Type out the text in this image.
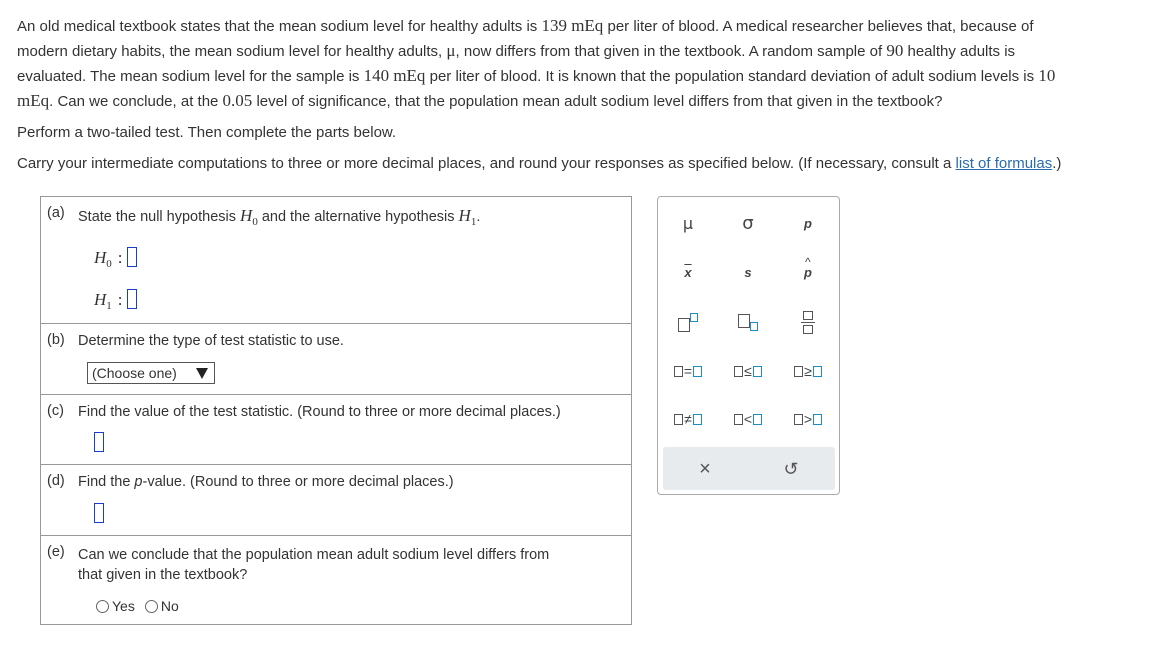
An old medical textbook states that the mean sodium level for healthy adults is 139 mEq per liter of blood. A medical researcher believes that, because of
modern dietary habits, the mean sodium level for healthy adults, μ, now differs from that given in the textbook. A random sample of 90 healthy adults is
evaluated. The mean sodium level for the sample is 140 mEq per liter of blood. It is known that the population standard deviation of adult sodium levels is 10
mEq. Can we conclude, at the 0.05 level of significance, that the population mean adult sodium level differs from that given in the textbook?
Perform a two-tailed test. Then complete the parts below.
Carry your intermediate computations to three or more decimal places, and round your responses as specified below. (If necessary, consult a list of formulas.)
(a) State the null hypothesis $H_0$ and the alternative hypothesis $H_1$.
$H_0$ :
$H_1$ :
(b) Determine the type of test statistic to use.
(Choose one)
(c) Find the value of the test statistic. (Round to three or more decimal places.)
(d) Find the p-value. (Round to three or more decimal places.)
(e) Can we conclude that the population mean adult sodium level differs from
that given in the textbook?
Yes No
μ	σ	p
$\overline{x}$	s
^
p
=	≤	≥
≠	<	>
×	↺
